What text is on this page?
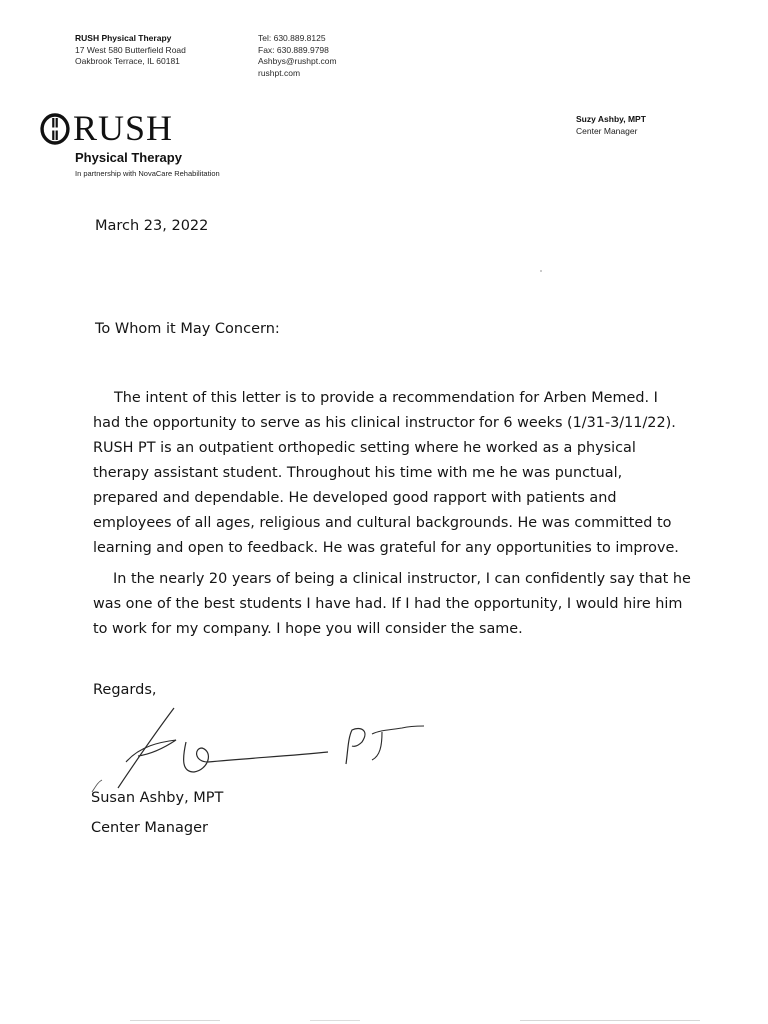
RUSH Physical Therapy
17 West 580 Butterfield Road
Oakbrook Terrace, IL 60181
Tel: 630.889.8125
Fax: 630.889.9798
Ashbys@rushpt.com
rushpt.com
RUSH
Physical Therapy
In partnership with NovaCare Rehabilitation
Suzy Ashby, MPT
Center Manager
March 23, 2022
To Whom it May Concern:
The intent of this letter is to provide a recommendation for Arben Memed. I
had the opportunity to serve as his clinical instructor for 6 weeks (1/31-3/11/22).
RUSH PT is an outpatient orthopedic setting where he worked as a physical
therapy assistant student. Throughout his time with me he was punctual,
prepared and dependable. He developed good rapport with patients and
employees of all ages, religious and cultural backgrounds. He was committed to
learning and open to feedback. He was grateful for any opportunities to improve.
In the nearly 20 years of being a clinical instructor, I can confidently say that he
was one of the best students I have had. If I had the opportunity, I would hire him
to work for my company. I hope you will consider the same.
Regards,
Susan Ashby, MPT
Center Manager
